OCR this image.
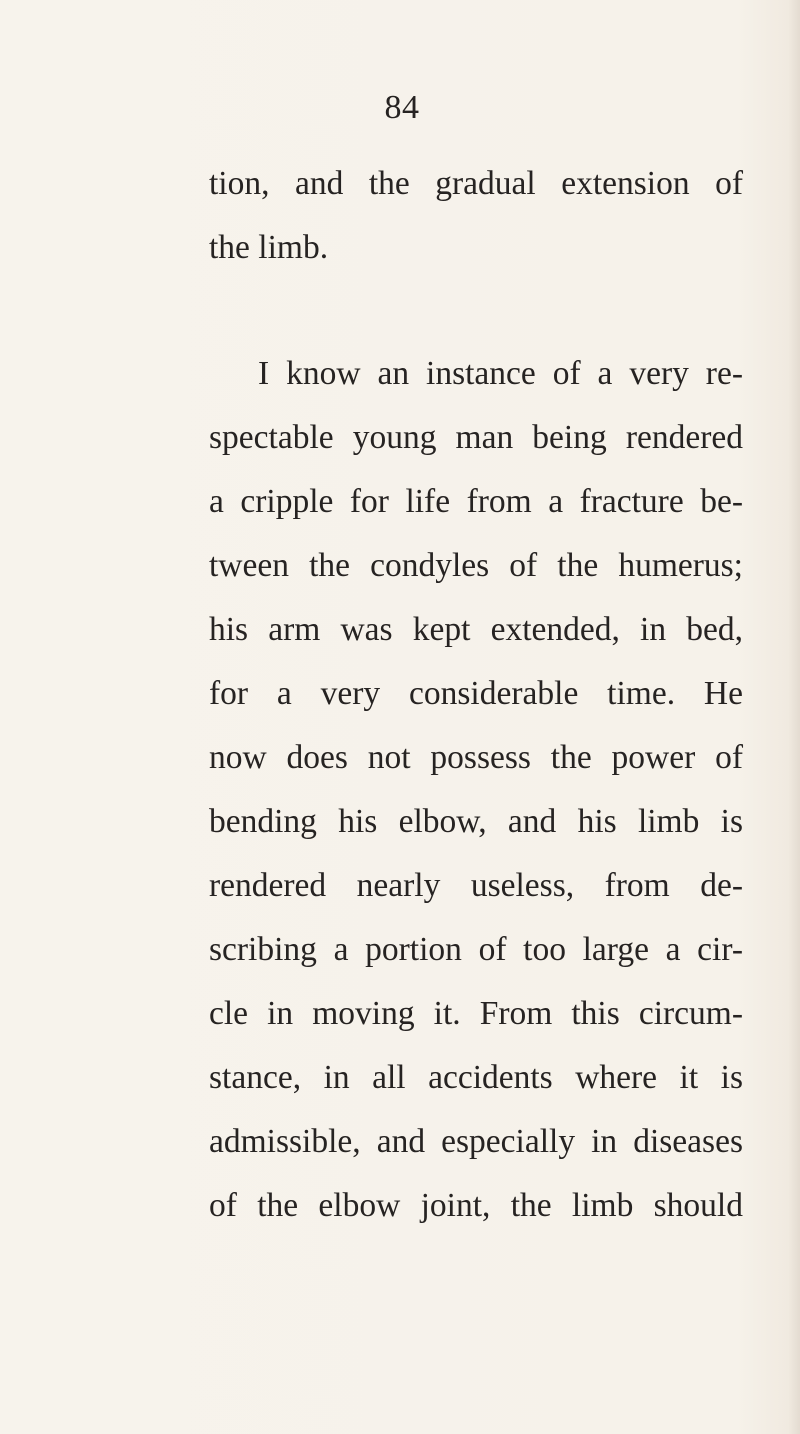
84
tion, and the gradual extension of
the limb.
I know an instance of a very re-
spectable young man being rendered
a cripple for life from a fracture be-
tween the condyles of the humerus;
his arm was kept extended, in bed,
for a very considerable time. He
now does not possess the power of
bending his elbow, and his limb is
rendered nearly useless, from de-
scribing a portion of too large a cir-
cle in moving it. From this circum-
stance, in all accidents where it is
admissible, and especially in diseases
of the elbow joint, the limb should
